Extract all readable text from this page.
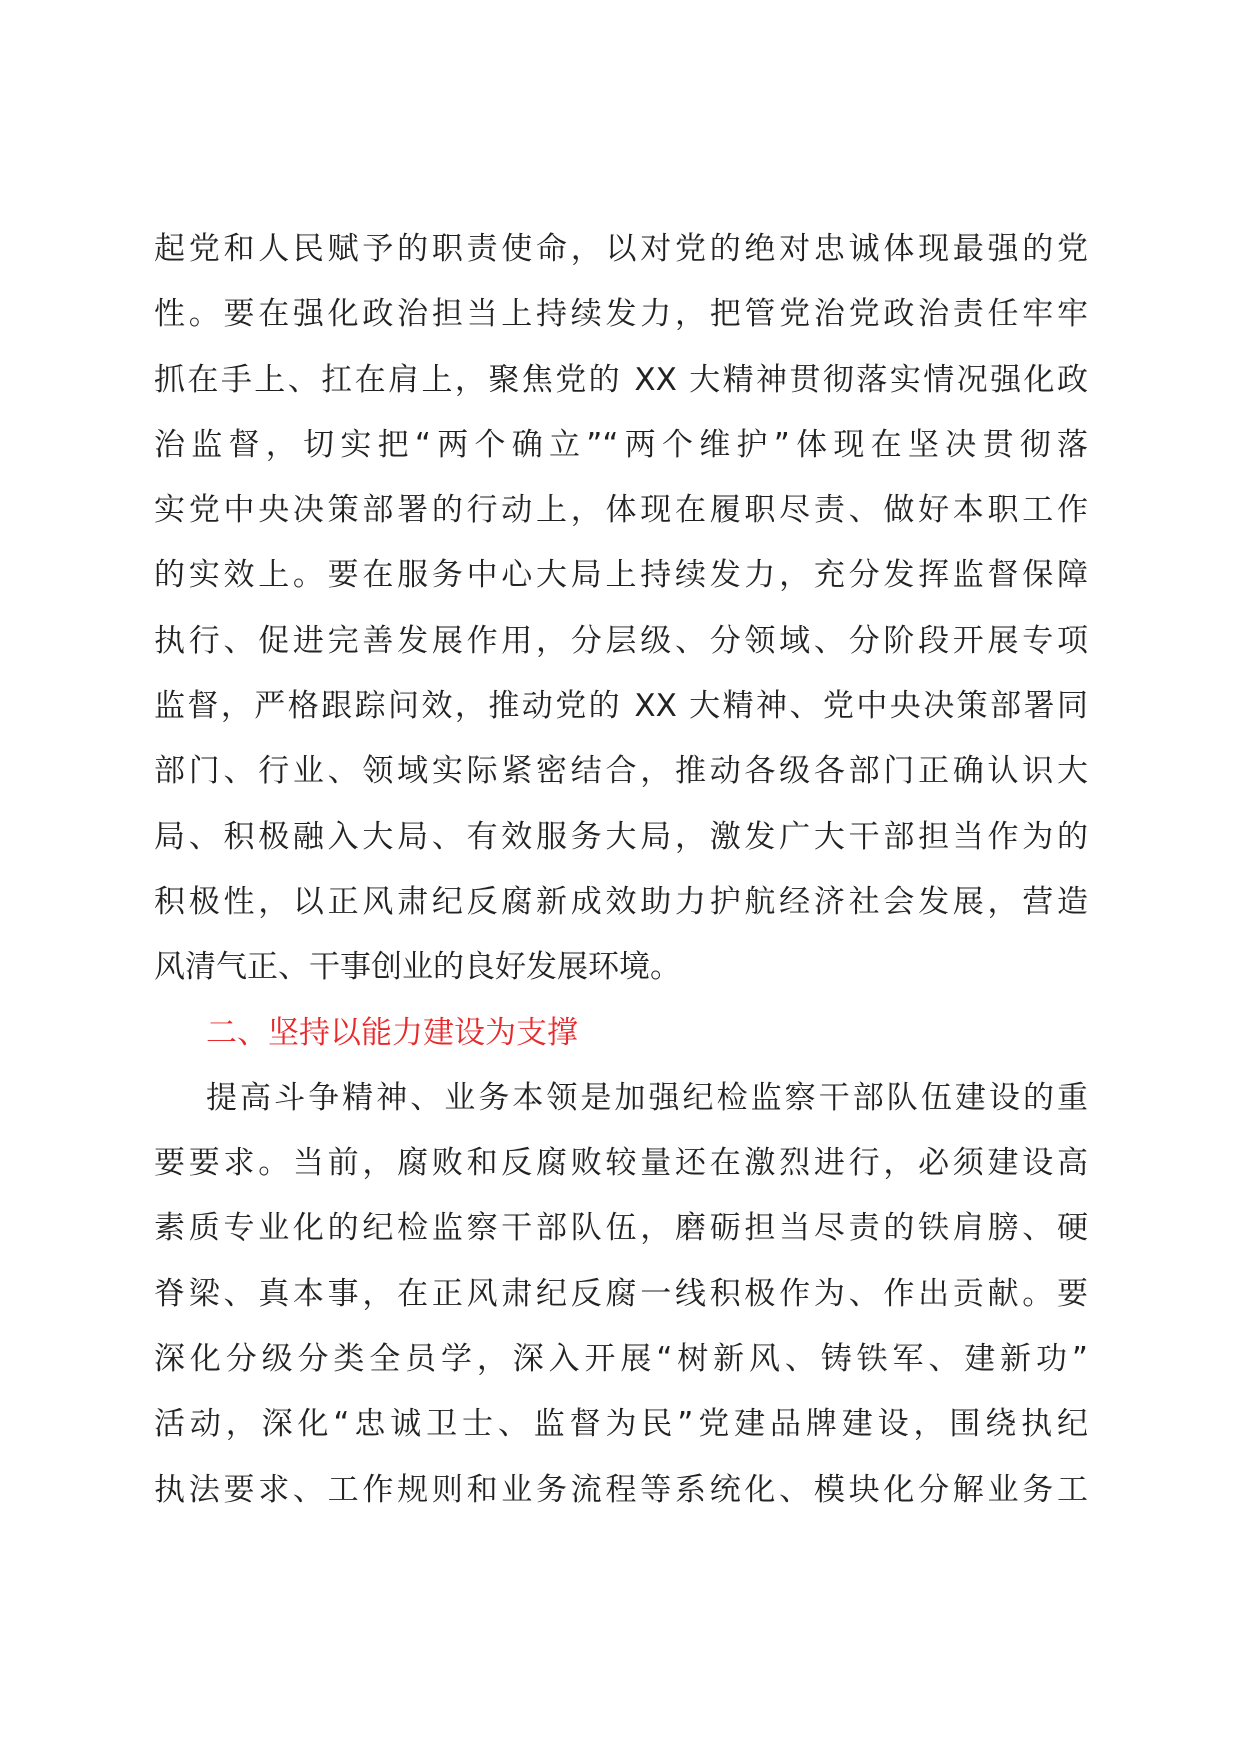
起党和人民赋予的职责使命，以对党的绝对忠诚体现最强的党
性。要在强化政治担当上持续发力，把管党治党政治责任牢牢
抓在手上、扛在肩上，聚焦党的 XX 大精神贯彻落实情况强化政
治监督，切实把“两个确立”“两个维护”体现在坚决贯彻落
实党中央决策部署的行动上，体现在履职尽责、做好本职工作
的实效上。要在服务中心大局上持续发力，充分发挥监督保障
执行、促进完善发展作用，分层级、分领域、分阶段开展专项
监督，严格跟踪问效，推动党的 XX 大精神、党中央决策部署同
部门、行业、领域实际紧密结合，推动各级各部门正确认识大
局、积极融入大局、有效服务大局，激发广大干部担当作为的
积极性，以正风肃纪反腐新成效助力护航经济社会发展，营造
风清气正、干事创业的良好发展环境。
二、坚持以能力建设为支撑
提高斗争精神、业务本领是加强纪检监察干部队伍建设的重
要要求。当前，腐败和反腐败较量还在激烈进行，必须建设高
素质专业化的纪检监察干部队伍，磨砺担当尽责的铁肩膀、硬
脊梁、真本事，在正风肃纪反腐一线积极作为、作出贡献。要
深化分级分类全员学，深入开展“树新风、铸铁军、建新功”
活动，深化“忠诚卫士、监督为民”党建品牌建设，围绕执纪
执法要求、工作规则和业务流程等系统化、模块化分解业务工
